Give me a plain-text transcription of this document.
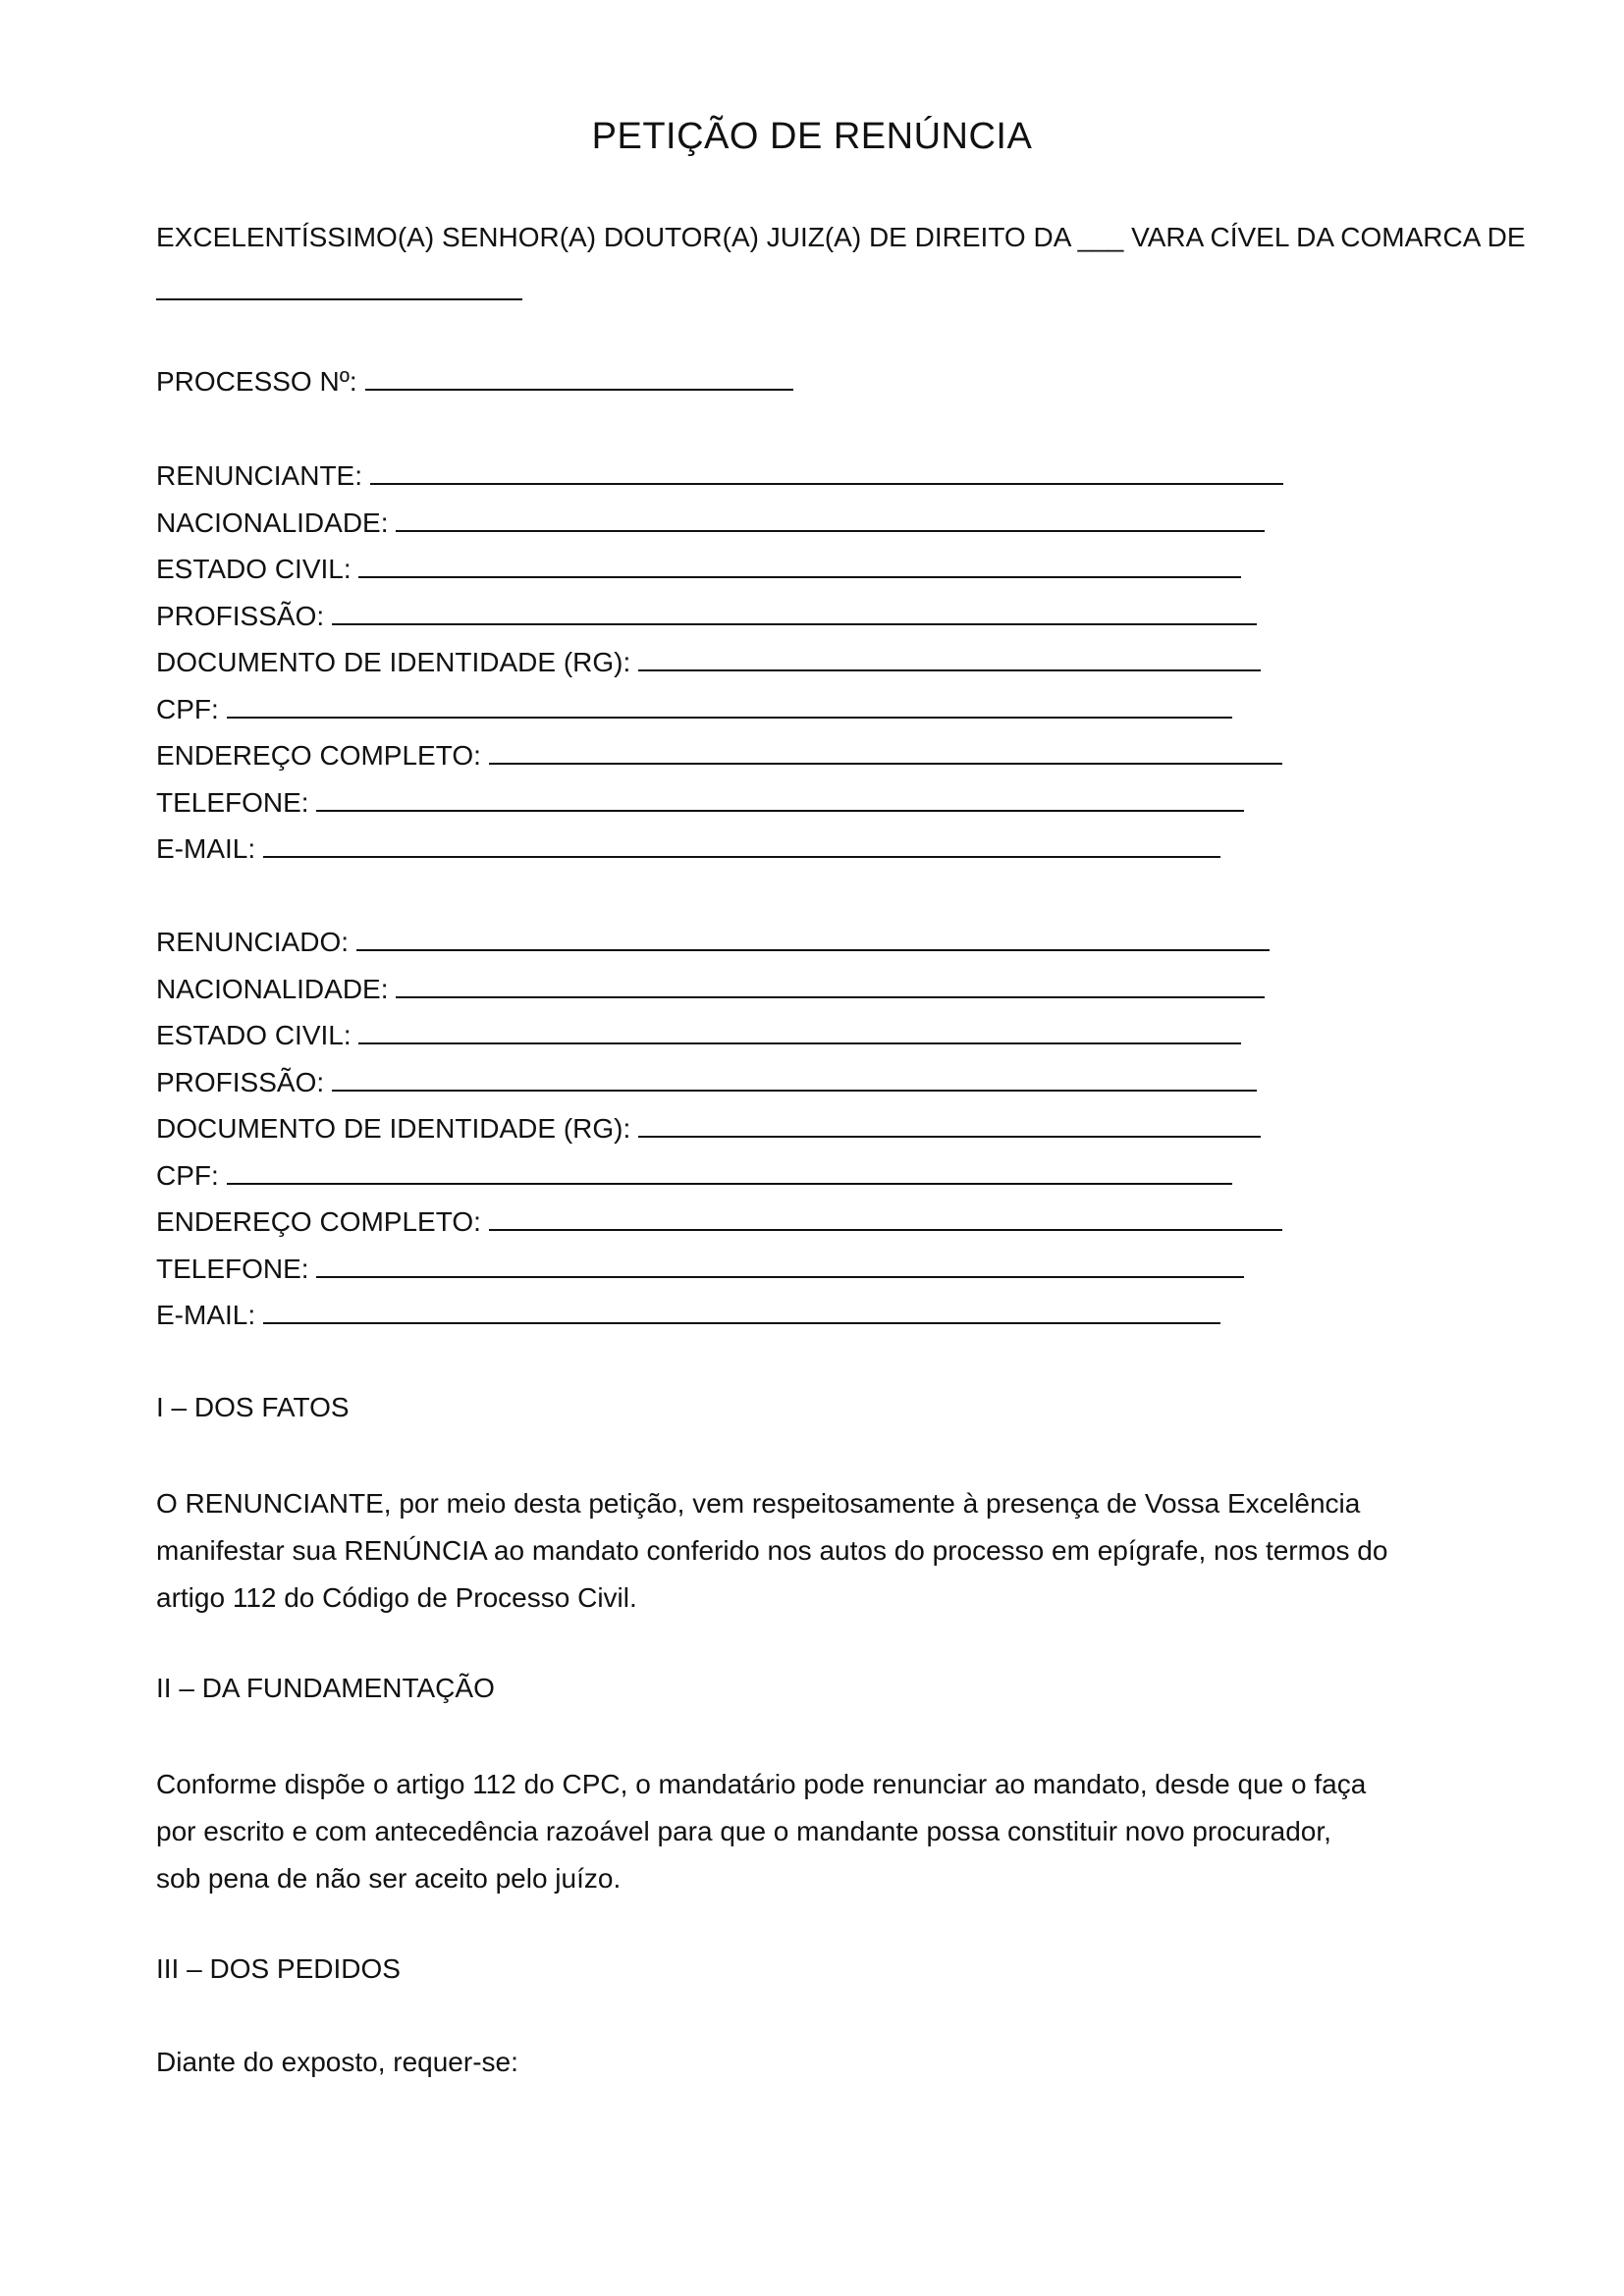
PETIÇÃO DE RENÚNCIA

EXCELENTÍSSIMO(A) SENHOR(A) DOUTOR(A) JUIZ(A) DE DIREITO DA ___ VARA CÍVEL DA COMARCA DE

PROCESSO Nº:

RENUNCIANTE:

NACIONALIDADE:

ESTADO CIVIL:

PROFISSÃO:

DOCUMENTO DE IDENTIDADE (RG):

CPF:

ENDEREÇO COMPLETO:

TELEFONE:

E-MAIL:

RENUNCIADO:

NACIONALIDADE:

ESTADO CIVIL:

PROFISSÃO:

DOCUMENTO DE IDENTIDADE (RG):

CPF:

ENDEREÇO COMPLETO:

TELEFONE:

E-MAIL:

I – DOS FATOS

O RENUNCIANTE, por meio desta petição, vem respeitosamente à presença de Vossa Excelência
manifestar sua RENÚNCIA ao mandato conferido nos autos do processo em epígrafe, nos termos do
artigo 112 do Código de Processo Civil.

II – DA FUNDAMENTAÇÃO

Conforme dispõe o artigo 112 do CPC, o mandatário pode renunciar ao mandato, desde que o faça
por escrito e com antecedência razoável para que o mandante possa constituir novo procurador,
sob pena de não ser aceito pelo juízo.

III – DOS PEDIDOS

Diante do exposto, requer-se:
